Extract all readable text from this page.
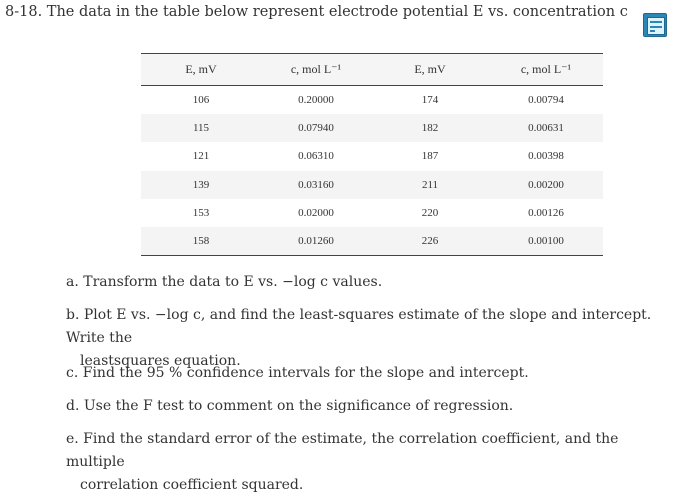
8-18. The data in the table below represent electrode potential E vs. concentration c
E, mV	c, mol L⁻¹	E, mV	c, mol L⁻¹
106	0.20000	174	0.00794
115	0.07940	182	0.00631
121	0.06310	187	0.00398
139	0.03160	211	0.00200
153	0.02000	220	0.00126
158	0.01260	226	0.00100

a. Transform the data to E vs. −log c values.

b. Plot E vs. −log c, and find the least-squares estimate of the slope and intercept. Write the
leastsquares equation.

c. Find the 95 % confidence intervals for the slope and intercept.

d. Use the F test to comment on the significance of regression.

e. Find the standard error of the estimate, the correlation coefficient, and the multiple
correlation coefficient squared.
